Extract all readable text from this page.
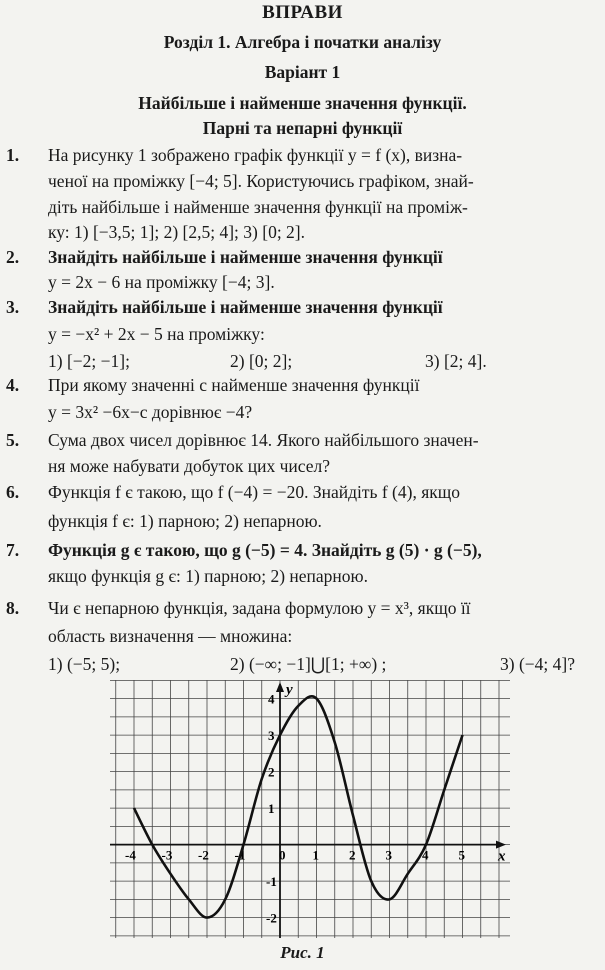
ВПРАВИ
Розділ 1. Алгебра і початки аналізу
Варіант 1
Найбільше і найменше значення функції.
Парні та непарні функції
1. На рисунку 1 зображено графік функції y = f (x), визна-
ченої на проміжку [−4; 5]. Користуючись графіком, знай-
діть найбільше і найменше значення функції на проміж-
ку: 1) [−3,5; 1]; 2) [2,5; 4]; 3) [0; 2].
2. Знайдіть найбільше і найменше значення функції
y = 2x − 6 на проміжку [−4; 3].
3. Знайдіть найбільше і найменше значення функції
y = −x² + 2x − 5 на проміжку:
1) [−2; −1];	2) [0; 2];	3) [2; 4].
4. При якому значенні c найменше значення функції
y = 3x² −6x−c дорівнює −4?
5. Сума двох чисел дорівнює 14. Якого найбільшого значен-
ня може набувати добуток цих чисел?
6. Функція f є такою, що f (−4) = −20. Знайдіть f (4), якщо
функція f є: 1) парною; 2) непарною.
7. Функція g є такою, що g (−5) = 4. Знайдіть g (5) · g (−5),
якщо функція g є: 1) парною; 2) непарною.
8. Чи є непарною функція, задана формулою y = x³, якщо її
область визначення — множина:
1) (−5; 5);	2) (−∞; −1]⋃[1; +∞) ;	3) (−4; 4]?
x
y
-4 -3 -2 -1	0 1 2 3 4 5
4
3
2
1
-1
-2
Рис. 1
